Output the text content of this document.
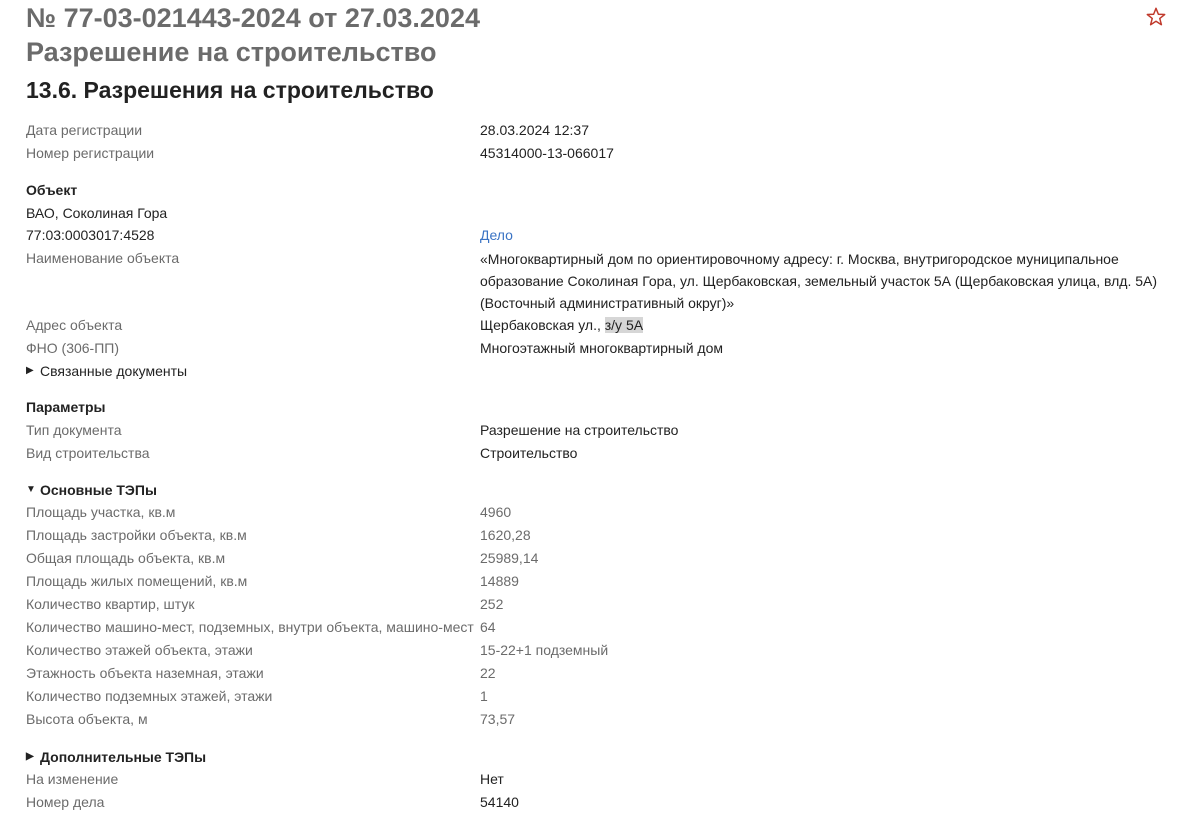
№ 77-03-021443-2024 от 27.03.2024
Разрешение на строительство
13.6. Разрешения на строительство
Дата регистрации	28.03.2024 12:37
Номер регистрации	45314000-13-066017
Объект
ВАО, Соколиная Гора
77:03:0003017:4528	Дело
Наименование объекта	«Многоквартирный дом по ориентировочному адресу: г. Москва, внутригородское муниципальное образование Соколиная Гора, ул. Щербаковская, земельный участок 5А (Щербаковская улица, влд. 5А) (Восточный административный округ)»
Адрес объекта	Щербаковская ул., з/у 5А
ФНО (306-ПП)	Многоэтажный многоквартирный дом
▶ Связанные документы
Параметры
Тип документа	Разрешение на строительство
Вид строительства	Строительство
▼ Основные ТЭПы
Площадь участка, кв.м	4960
Площадь застройки объекта, кв.м	1620,28
Общая площадь объекта, кв.м	25989,14
Площадь жилых помещений, кв.м	14889
Количество квартир, штук	252
Количество машино-мест, подземных, внутри объекта, машино-мест 64
Количество этажей объекта, этажи	15-22+1 подземный
Этажность объекта наземная, этажи	22
Количество подземных этажей, этажи	1
Высота объекта, м	73,57
▶ Дополнительные ТЭПы
На изменение	Нет
Номер дела	54140
